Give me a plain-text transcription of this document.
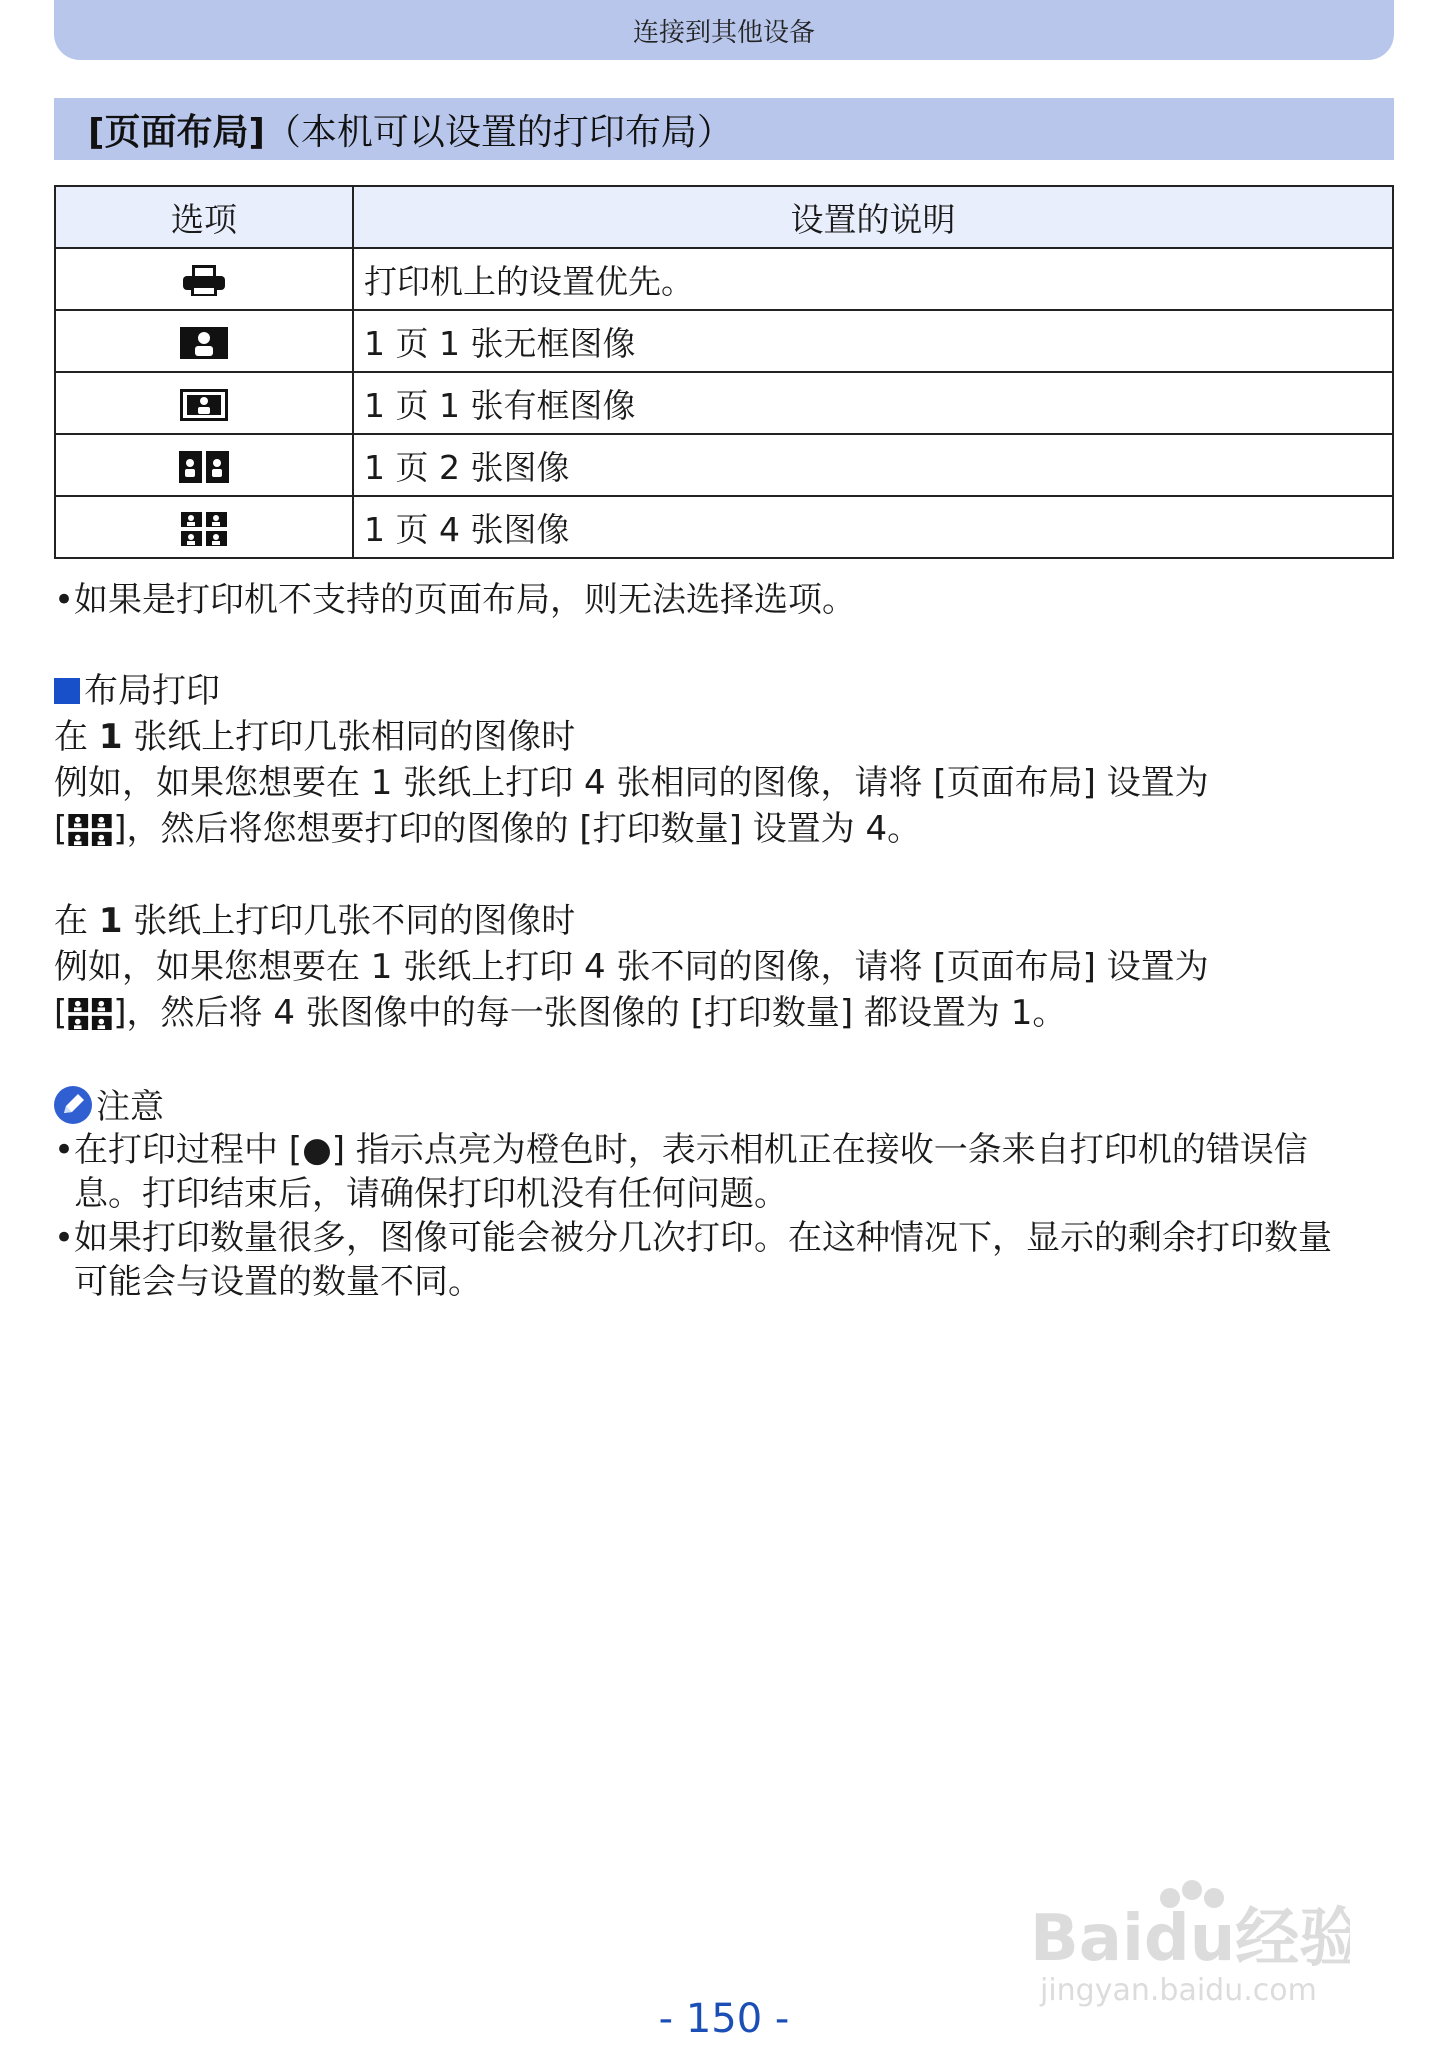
连接到其他设备
[页面布局] （本机可以设置的打印布局）
选项	设置的说明
	打印机上的设置优先。
	1 页 1 张无框图像
	1 页 1 张有框图像
	1 页 2 张图像
	1 页 4 张图像
• 如果是打印机不支持的页面布局，则无法选择选项。
布局打印
在 1 张纸上打印几张相同的图像时
例如，如果您想要在 1 张纸上打印 4 张相同的图像，请将 [页面布局] 设置为
[ ]，然后将您想要打印的图像的 [打印数量] 设置为 4。
在 1 张纸上打印几张不同的图像时
例如，如果您想要在 1 张纸上打印 4 张不同的图像，请将 [页面布局] 设置为
[ ]，然后将 4 张图像中的每一张图像的 [打印数量] 都设置为 1。
注意
• 在打印过程中 [●] 指示点亮为橙色时，表示相机正在接收一条来自打印机的错误信
息。打印结束后，请确保打印机没有任何问题。
• 如果打印数量很多，图像可能会被分几次打印。在这种情况下，显示的剩余打印数量
可能会与设置的数量不同。
Baidu经验
jingyan.baidu.com
- 150 -
